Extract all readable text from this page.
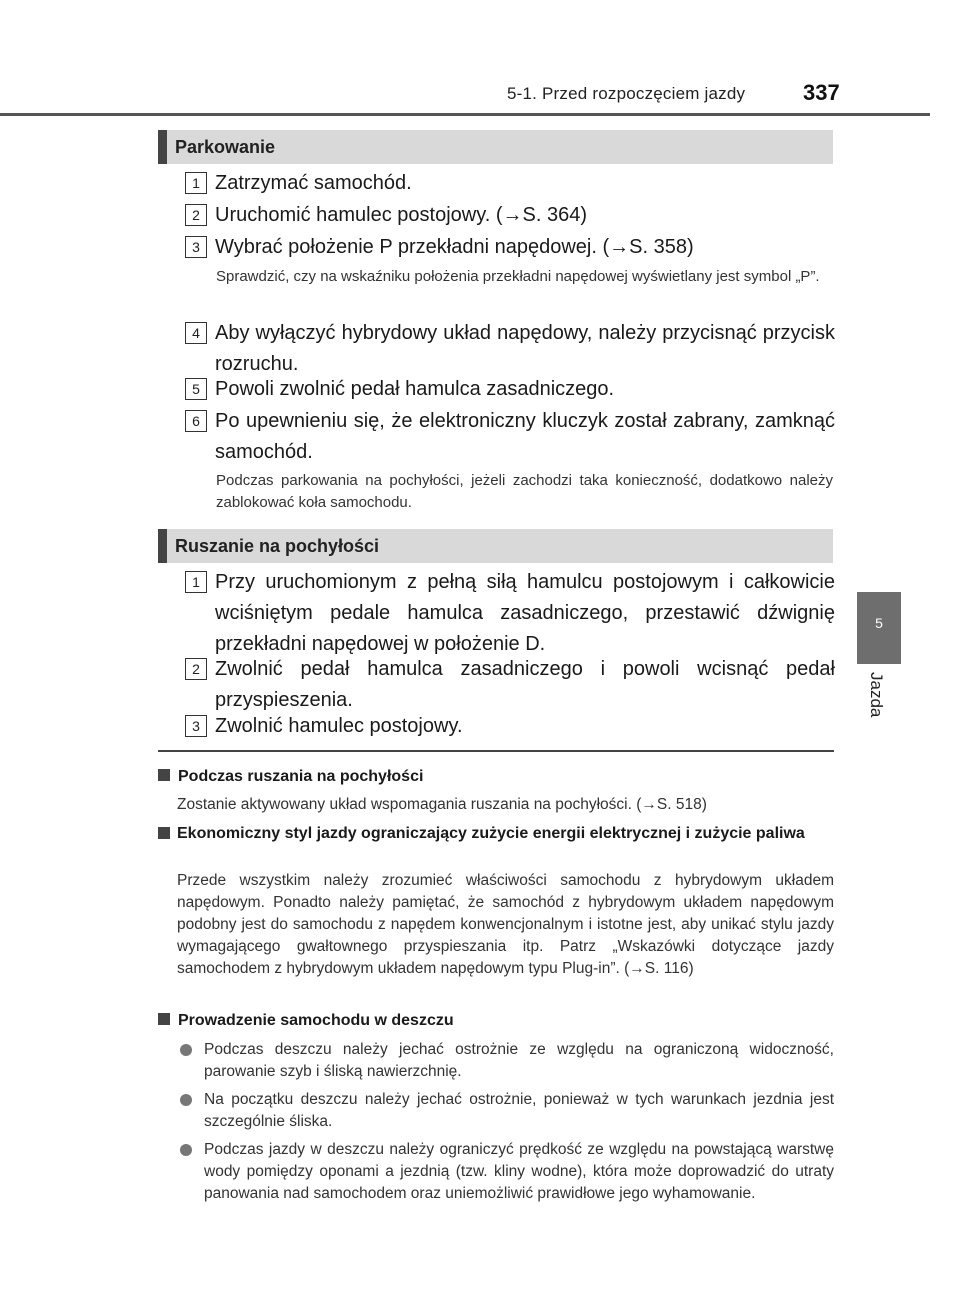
5-1. Przed rozpoczęciem jazdy	337
5
Jazda
Parkowanie
1 Zatrzymać samochód.
2 Uruchomić hamulec postojowy. (→S. 364)
3 Wybrać położenie P przekładni napędowej. (→S. 358)
Sprawdzić, czy na wskaźniku położenia przekładni napędowej wyświetlany jest symbol „P”.
4 Aby wyłączyć hybrydowy układ napędowy, należy przycisnąć przycisk rozruchu.
5 Powoli zwolnić pedał hamulca zasadniczego.
6 Po upewnieniu się, że elektroniczny kluczyk został zabrany, zamknąć samochód.
Podczas parkowania na pochyłości, jeżeli zachodzi taka konieczność, dodatkowo należy zablokować koła samochodu.
Ruszanie na pochyłości
1 Przy uruchomionym z pełną siłą hamulcu postojowym i całkowicie wciśniętym pedale hamulca zasadniczego, przestawić dźwignię przekładni napędowej w położenie D.
2 Zwolnić pedał hamulca zasadniczego i powoli wcisnąć pedał przyspieszenia.
3 Zwolnić hamulec postojowy.
Podczas ruszania na pochyłości
Zostanie aktywowany układ wspomagania ruszania na pochyłości. (→S. 518)
Ekonomiczny styl jazdy ograniczający zużycie energii elektrycznej i zużycie paliwa
Przede wszystkim należy zrozumieć właściwości samochodu z hybrydowym układem napędowym. Ponadto należy pamiętać, że samochód z hybrydowym układem napędowym podobny jest do samochodu z napędem konwencjonalnym i istotne jest, aby unikać stylu jazdy wymagającego gwałtownego przyspieszania itp. Patrz „Wskazówki dotyczące jazdy samochodem z hybrydowym układem napędowym typu Plug-in”. (→S. 116)
Prowadzenie samochodu w deszczu
Podczas deszczu należy jechać ostrożnie ze względu na ograniczoną widoczność, parowanie szyb i śliską nawierzchnię.
Na początku deszczu należy jechać ostrożnie, ponieważ w tych warunkach jezdnia jest szczególnie śliska.
Podczas jazdy w deszczu należy ograniczyć prędkość ze względu na powstającą warstwę wody pomiędzy oponami a jezdnią (tzw. kliny wodne), która może doprowadzić do utraty panowania nad samochodem oraz uniemożliwić prawidłowe jego wyhamowanie.
